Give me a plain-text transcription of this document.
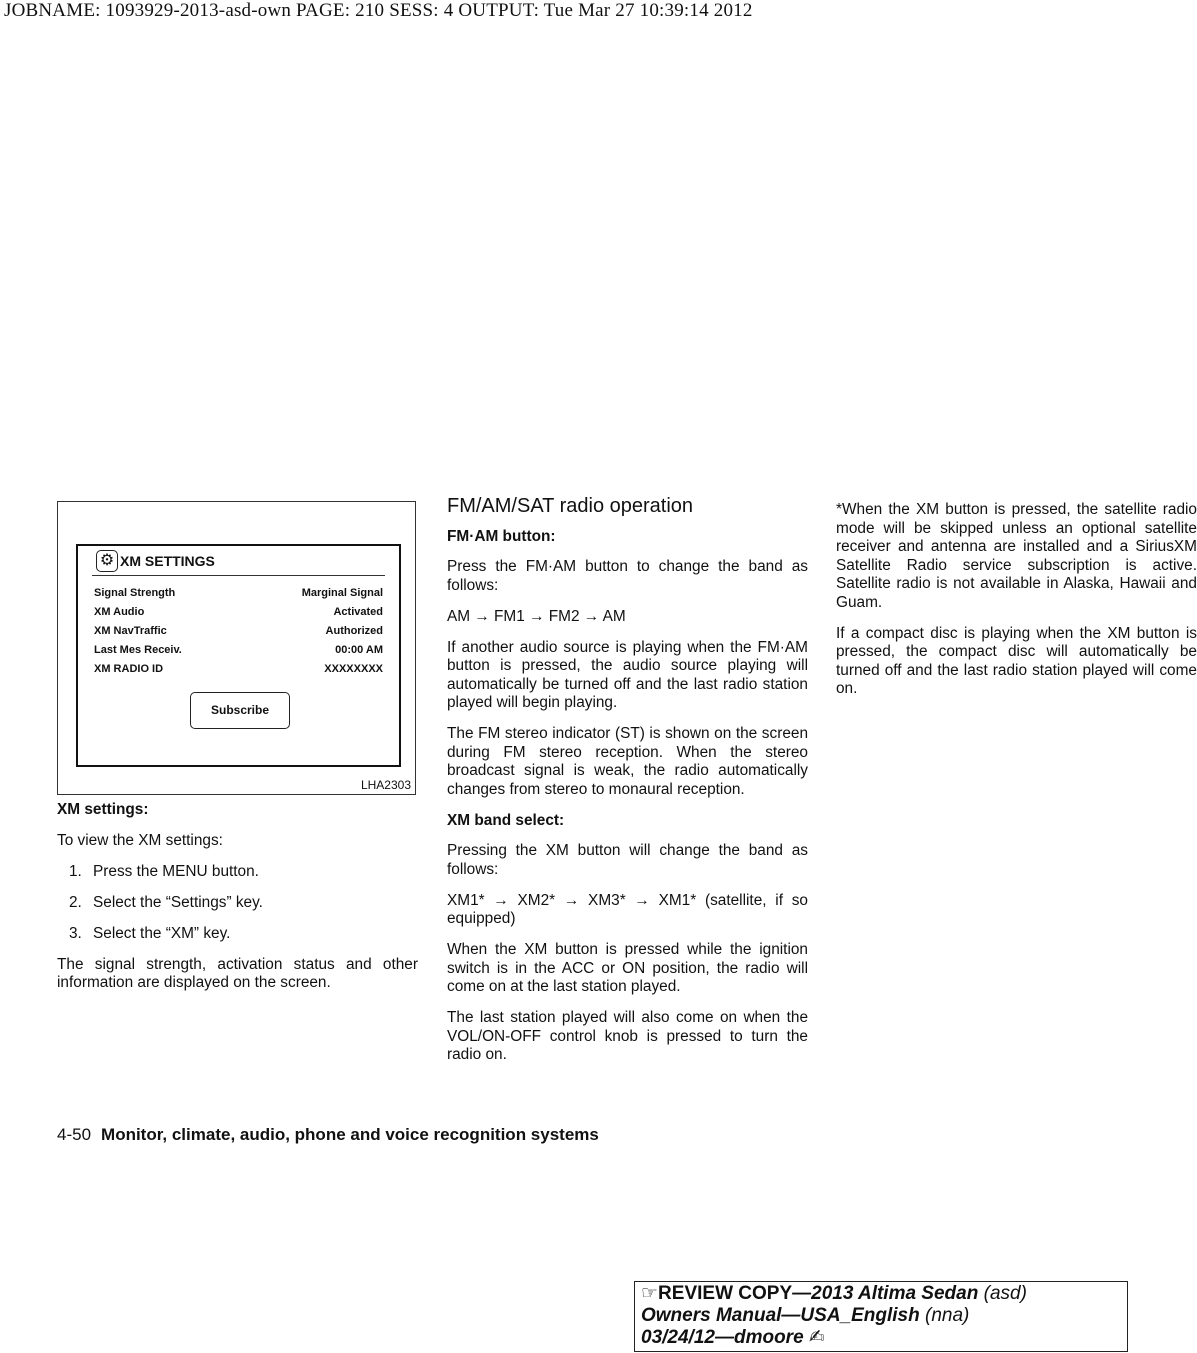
JOBNAME: 1093929-2013-asd-own PAGE: 210 SESS: 4 OUTPUT: Tue Mar 27 10:39:14 2012
⚙ XM SETTINGS
Signal Strength	Marginal Signal
XM Audio	Activated
XM NavTraffic	Authorized
Last Mes Receiv.	00:00 AM
XM RADIO ID	XXXXXXXX
Subscribe
LHA2303
XM settings:

To view the XM settings:

1. Press the MENU button.
2. Select the “Settings” key.
3. Select the “XM” key.

The signal strength, activation status and other information are displayed on the screen.

FM/AM/SAT radio operation
FM·AM button:

Press the FM·AM button to change the band as follows:

AM → FM1 → FM2 → AM

If another audio source is playing when the FM·AM button is pressed, the audio source playing will automatically be turned off and the last radio station played will begin playing.

The FM stereo indicator (ST) is shown on the screen during FM stereo reception. When the stereo broadcast signal is weak, the radio automatically changes from stereo to monaural reception.

XM band select:

Pressing the XM button will change the band as follows:

XM1* → XM2* → XM3* → XM1* (satellite, if so equipped)

When the XM button is pressed while the ignition switch is in the ACC or ON position, the radio will come on at the last station played.

The last station played will also come on when the VOL/ON-OFF control knob is pressed to turn the radio on.

*When the XM button is pressed, the satellite radio mode will be skipped unless an optional satellite receiver and antenna are installed and a SiriusXM Satellite Radio service subscription is active. Satellite radio is not available in Alaska, Hawaii and Guam.

If a compact disc is playing when the XM button is pressed, the compact disc will automatically be turned off and the last radio station played will come on.

4-50 Monitor, climate, audio, phone and voice recognition systems
☞REVIEW COPY—2013 Altima Sedan (asd)
Owners Manual—USA_English (nna)
03/24/12—dmoore ✍
